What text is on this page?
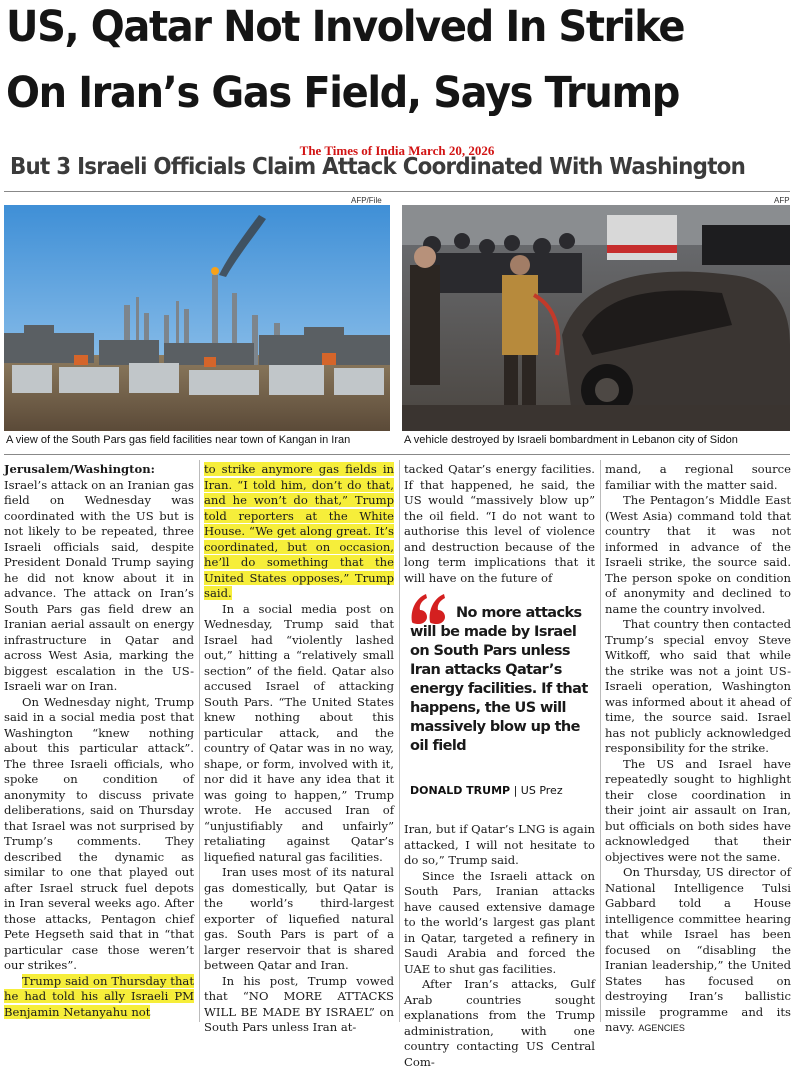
US, Qatar Not Involved In Strike
On Iran’s Gas Field, Says Trump
The Times of India March 20, 2026
But 3 Israeli Officials Claim Attack Coordinated With Washington
AFP/File
A view of the South Pars gas field facilities near town of Kangan in Iran
AFP
A vehicle destroyed by Israeli bombardment in Lebanon city of Sidon

Jerusalem/Washington: Israel’s attack on an Iranian gas field on Wednesday was coordinated with the US but is not likely to be repeated, three Israeli officials said, despite President Donald Trump saying he did not know about it in advance. The attack on Iran’s South Pars gas field drew an Iranian aerial assault on energy infrastructure in Qatar and across West Asia, marking the biggest escalation in the US-Israeli war on Iran.

On Wednesday night, Trump said in a social media post that Washington “knew nothing about this particular attack”. The three Israeli officials, who spoke on condition of anonymity to discuss private deliberations, said on Thursday that Israel was not surprised by Trump’s comments. They described the dynamic as similar to one that played out after Israel struck fuel depots in Iran several weeks ago. After those attacks, Pentagon chief Pete Hegseth said that in “that particular case those weren’t our strikes”.

Trump said on Thursday that he had told his ally Israeli PM Benjamin Netanyahu not

to strike anymore gas fields in Iran. “I told him, don’t do that, and he won’t do that,” Trump told reporters at the White House. “We get along great. It’s coordinated, but on occasion, he’ll do something that the United States opposes,” Trump said.

In a social media post on Wednesday, Trump said that Israel had “violently lashed out,” hitting a “relatively small section” of the field. Qatar also accused Israel of attacking South Pars. “The United States knew nothing about this particular attack, and the country of Qatar was in no way, shape, or form, involved with it, nor did it have any idea that it was going to happen,” Trump wrote. He accused Iran of “unjustifiably and unfairly” retaliating against Qatar’s liquefied natural gas facilities.

Iran uses most of its natural gas domestically, but Qatar is the world’s third-largest exporter of liquefied natural gas. South Pars is part of a larger reservoir that is shared between Qatar and Iran.

In his post, Trump vowed that “NO MORE ATTACKS WILL BE MADE BY ISRAEL” on South Pars unless Iran at-

tacked Qatar’s energy facilities. If that happened, he said, the US would “massively blow up” the oil field. “I do not want to authorise this level of violence and destruction because of the long term implications that it will have on the future of

No more attacks will be made by Israel on South Pars unless Iran attacks Qatar’s energy facilities. If that happens, the US will massively blow up the oil field
DONALD TRUMP | US Prez

Iran, but if Qatar’s LNG is again attacked, I will not hesitate to do so,” Trump said.

Since the Israeli attack on South Pars, Iranian attacks have caused extensive damage to the world’s largest gas plant in Qatar, targeted a refinery in Saudi Arabia and forced the UAE to shut gas facilities.

After Iran’s attacks, Gulf Arab countries sought explanations from the Trump administration, with one country contacting US Central Com-

mand, a regional source familiar with the matter said.

The Pentagon’s Middle East (West Asia) command told that country that it was not informed in advance of the Israeli strike, the source said. The person spoke on condition of anonymity and declined to name the country involved.

That country then contacted Trump’s special envoy Steve Witkoff, who said that while the strike was not a joint US-Israeli operation, Washington was informed about it ahead of time, the source said. Israel has not publicly acknowledged responsibility for the strike.

The US and Israel have repeatedly sought to highlight their close coordination in their joint air assault on Iran, but officials on both sides have acknowledged that their objectives were not the same.

On Thursday, US director of National Intelligence Tulsi Gabbard told a House intelligence committee hearing that while Israel has been focused on “disabling the Iranian leadership,” the United States has focused on destroying Iran’s ballistic missile programme and its navy. AGENCIES
